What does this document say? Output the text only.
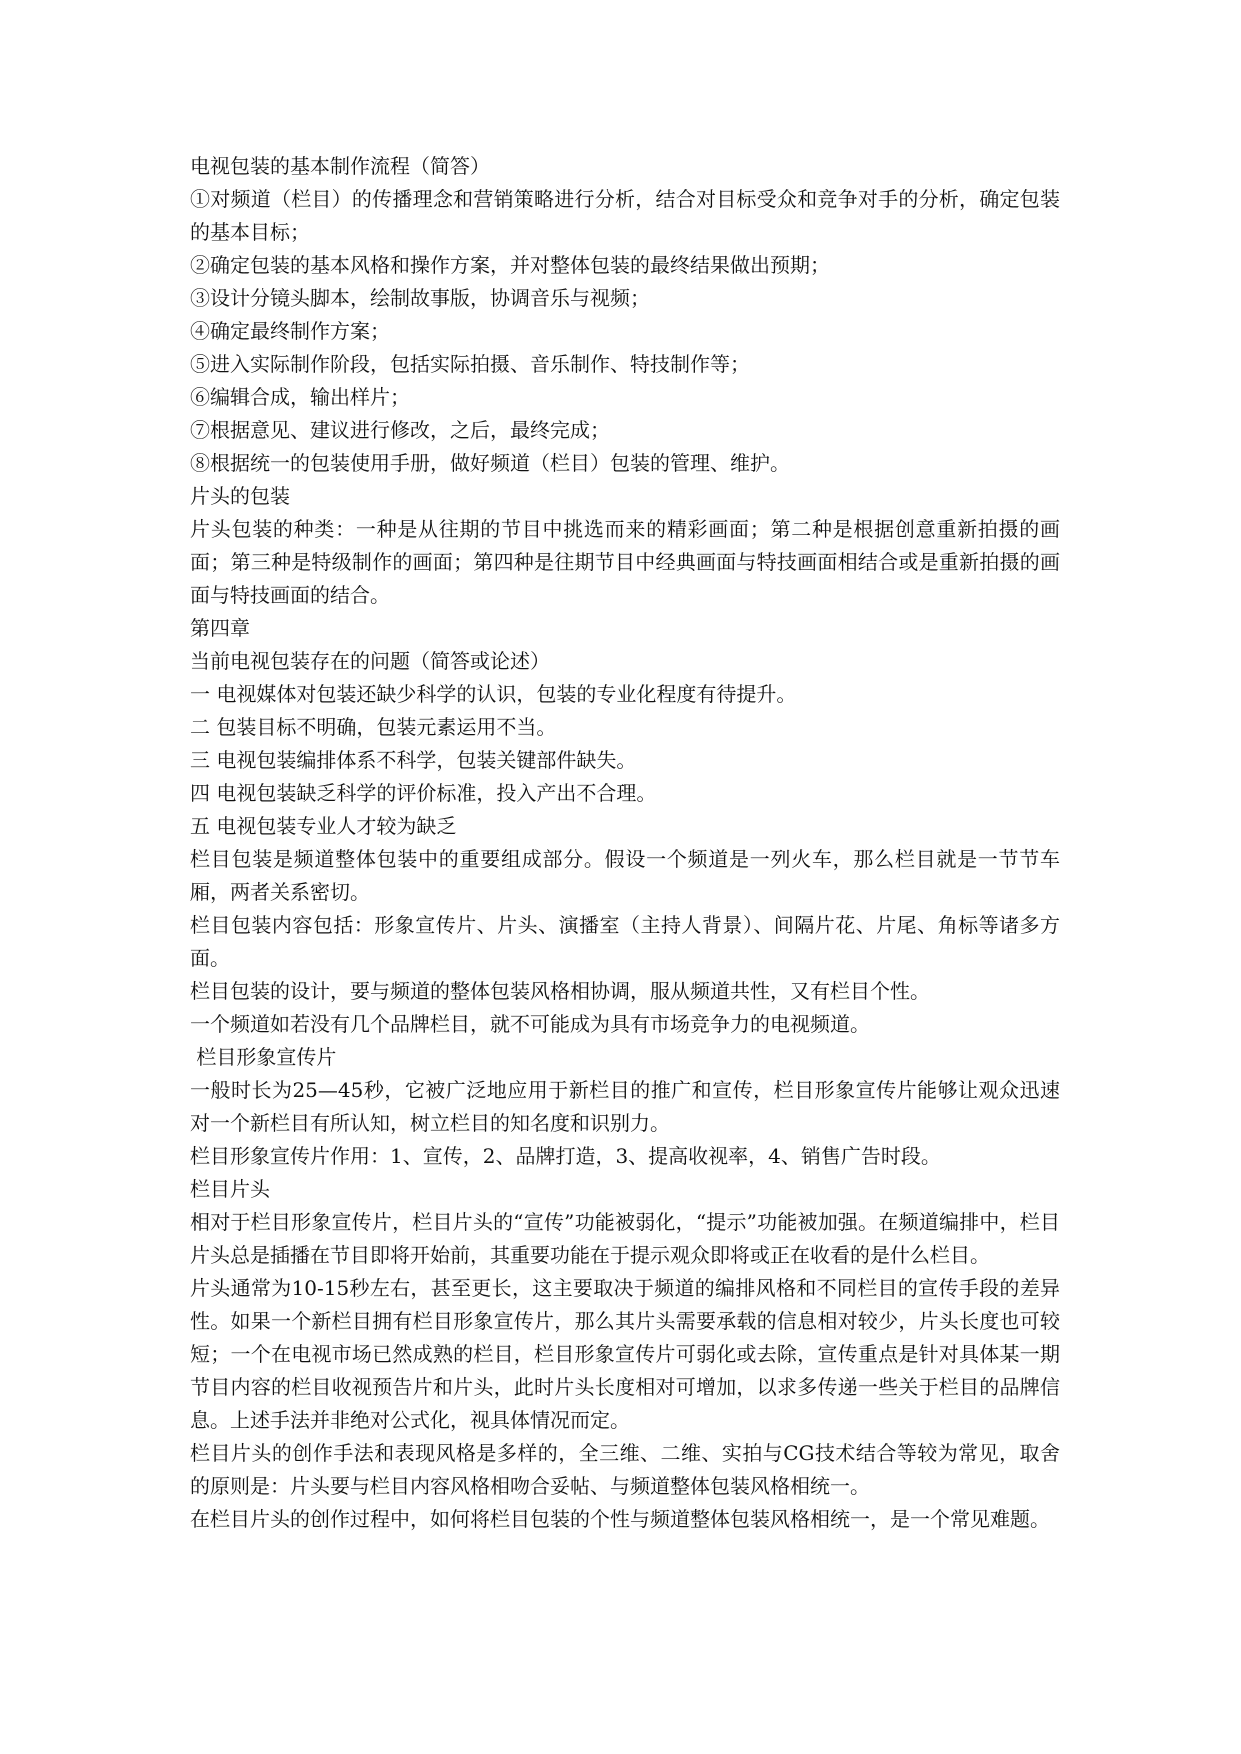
电视包装的基本制作流程（简答）

①对频道（栏目）的传播理念和营销策略进行分析，结合对目标受众和竞争对手的分析，确定包装的基本目标；

②确定包装的基本风格和操作方案，并对整体包装的最终结果做出预期；

③设计分镜头脚本，绘制故事版，协调音乐与视频；

④确定最终制作方案；

⑤进入实际制作阶段，包括实际拍摄、音乐制作、特技制作等；

⑥编辑合成，输出样片；

⑦根据意见、建议进行修改，之后，最终完成；

⑧根据统一的包装使用手册，做好频道（栏目）包装的管理、维护。

片头的包装

片头包装的种类：一种是从往期的节目中挑选而来的精彩画面；第二种是根据创意重新拍摄的画面；第三种是特级制作的画面；第四种是往期节目中经典画面与特技画面相结合或是重新拍摄的画面与特技画面的结合。

第四章

当前电视包装存在的问题（简答或论述）

一 电视媒体对包装还缺少科学的认识，包装的专业化程度有待提升。

二 包装目标不明确，包装元素运用不当。

三 电视包装编排体系不科学，包装关键部件缺失。

四 电视包装缺乏科学的评价标准，投入产出不合理。

五 电视包装专业人才较为缺乏

栏目包装是频道整体包装中的重要组成部分。假设一个频道是一列火车，那么栏目就是一节节车厢，两者关系密切。

栏目包装内容包括：形象宣传片、片头、演播室（主持人背景）、间隔片花、片尾、角标等诸多方面。

栏目包装的设计，要与频道的整体包装风格相协调，服从频道共性，又有栏目个性。

一个频道如若没有几个品牌栏目，就不可能成为具有市场竞争力的电视频道。

栏目形象宣传片

一般时长为25—45秒，它被广泛地应用于新栏目的推广和宣传，栏目形象宣传片能够让观众迅速对一个新栏目有所认知，树立栏目的知名度和识别力。

栏目形象宣传片作用：1、宣传，2、品牌打造，3、提高收视率，4、销售广告时段。

栏目片头

相对于栏目形象宣传片，栏目片头的“宣传”功能被弱化，“提示”功能被加强。在频道编排中，栏目片头总是插播在节目即将开始前，其重要功能在于提示观众即将或正在收看的是什么栏目。

片头通常为10-15秒左右，甚至更长，这主要取决于频道的编排风格和不同栏目的宣传手段的差异性。如果一个新栏目拥有栏目形象宣传片，那么其片头需要承载的信息相对较少，片头长度也可较短；一个在电视市场已然成熟的栏目，栏目形象宣传片可弱化或去除，宣传重点是针对具体某一期节目内容的栏目收视预告片和片头，此时片头长度相对可增加，以求多传递一些关于栏目的品牌信息。上述手法并非绝对公式化，视具体情况而定。

栏目片头的创作手法和表现风格是多样的，全三维、二维、实拍与CG技术结合等较为常见，取舍的原则是：片头要与栏目内容风格相吻合妥帖、与频道整体包装风格相统一。

在栏目片头的创作过程中，如何将栏目包装的个性与频道整体包装风格相统一，是一个常见难题。
